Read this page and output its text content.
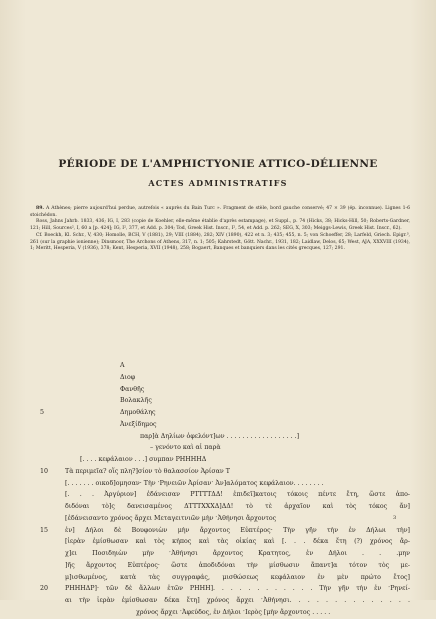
PÉRIODE DE L'AMPHICTYONIE ATTICO-DÉLIENNE
ACTES ADMINISTRATIFS

89. A Athènes; pierre aujourd'hui perdue, autrefois « auprès du Bain Turc ». Fragment de stèle, bord gauche conservé; 47 × 39 (ép. inconnue). Lignes 1-6 stoichédon.

Ross, Jahns Jahrb. 1833, 436; IG, I, 283 (copie de Koehler, elle-même établie d'après estampage), et Suppl., p. 74 (Hicks, 38; Hicks-Hill, 50; Roberts-Gardner, 121; Hill, Sources², I, 60 a [p. 424]; IG, I², 377, et Add. p. 304; Tod, Greek Hist. Inscr., I², 54, et Add. p. 262; SEG, X, 303; Meiggs-Lewis, Greek Hist. Inscr., 62).

Cf. Boeckh, Kl. Schr., V, 430; Homolle, BCH, V (1881), 29; VIII (1884), 282; XIV (1890), 422 et n. 3; 435; 455, n. 5; von Schoeffer, 28; Larfeld, Griech. Epigr.³, 261 (sur la graphie ionienne); Dinsmoor, The Archons of Athens, 317, n. 1; 505; Kahrstedt, Gött. Nachr., 1931, 182; Laidlaw, Delos, 65; West, AJA, XXXVIII (1934), 1; Meritt, Hesperia, V (1936), 378; Kent, Hesperia, XVII (1948), 258; Bogaert, Banques et banquiers dans les cités grecques, 127; 291.

Α
Διοφ
Φανθῆς
Βολακλῆς
5	Δημοθάλης
Ἀνεξίδημος
παρ]ὰ Δηλίων ὀφελόντ]ων . . . . . . . . . . . . . . . . . .]
– γενόντο καὶ αἱ παρὰ
[. . . . κεφάλαιον . . .] συμπαν ΡΗΗΗΗΔ
10	Τὰ περιμεῖα? οἵς πλη?]σίον τὸ θαλασσίον Ἀρίσαν Τ
[. . . . . . . οικοδ]ομησαν· Τὴν ˹Ρηνειῶν Ἀρίσαν˺ Ἀν]αλόματος κεφάλαιον. . . . . . . .
[. . . Ἀργύριον] ἐδάνεισαν ΡΤΤΤΤΔΔ! ἐπιδεῖ]κατοις τόκοις πέντε ἔτη, ὥστε ἀπο-
διδόναι τὸ]ς δανεισαμένος ΔΤΤΤΧΧΧΔ]ΔΔ! τὸ τὲ ἀρχαῖον καὶ τὸς τόκος ἄν]
[ἐδάνεισαντο χρόνος ἄρχει Μεταγειτνιῶν μὴν ˹Ἀθήνησι ἄρχοντος
15	ἐν] Δήλοι δὲ Βουφονιὼν μὴν ἄρχοντος Εὐπτέρος· Τὴν γῆν τὴν ἐν Δήλωι τὴν]
[ἱερὰν ἐμίσθωσαν καὶ τὸς κήπος καὶ τὰς οἰκίας καὶ [. . . δέκα ἔτη (?) χρόνος ἄρ-
χ]ει Ποσιδηιὼν μὴν ˹Ἀθήνησι ἄρχοντος Κρατητος, ἐν Δήλοι . . .μην
]ῆς ἄρχοντος Εὐπτέρος· ὥστε ἀποδιδόναι τὴν μίσθωσιν ἅπαντ]α τότον τὸς με-
μ]ισθωμένος, κατὰ τὰς συγγραφάς, μισθώσεως κεφάλαιον ἐν μὲν πρώτο ἔτος]
20	ΡΗΗΗΔΡ]· τῶν δὲ ἄλλων ἐτῶν ΡΗΗΗ]. . . . . . . . . . . . Τὴν γῆν τὴν ἐν ˹Ρηνεί-
αι τὴν ἱερὰν ἐμίσθωσαν δέκα ἔτη] χρόνος ἄρχει ˹Ἀθήνησι. . . . . . . . . . . . . .
χρόνος ἄρχει ˹Ἀφεύδος, ἐν Δήλοι ˹Ιερὸς [μὴν ἄρχοντος . . . . .
3
